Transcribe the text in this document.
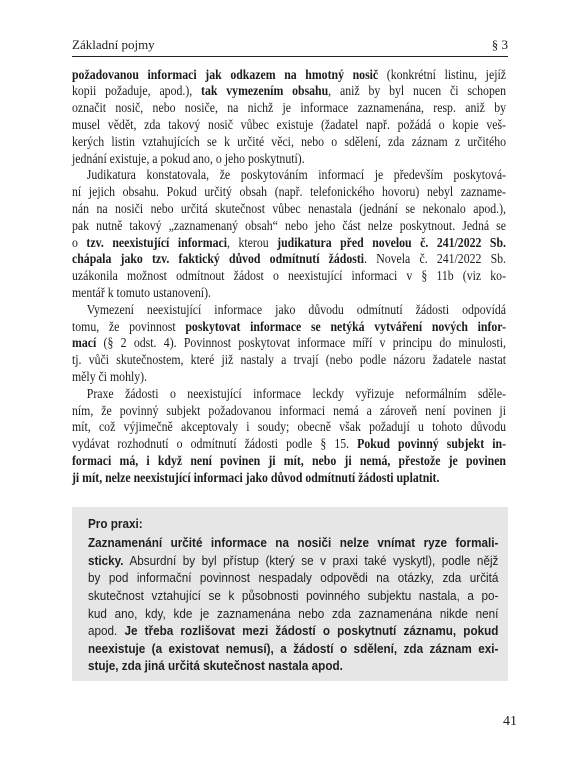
Základní pojmy	§ 3
požadovanou informaci jak odkazem na hmotný nosič (konkrétní listinu, jejíž
kopii požaduje, apod.), tak vymezením obsahu, aniž by byl nucen či schopen
označit nosič, nebo nosiče, na nichž je informace zaznamenána, resp. aniž by
musel vědět, zda takový nosič vůbec existuje (žadatel např. požádá o kopie veš-
kerých listin vztahujících se k určité věci, nebo o sdělení, zda záznam z určitého
jednání existuje, a pokud ano, o jeho poskytnutí).
Judikatura konstatovala, že poskytováním informací je především poskytová-
ní jejich obsahu. Pokud určitý obsah (např. telefonického hovoru) nebyl zazname-
nán na nosiči nebo určitá skutečnost vůbec nenastala (jednání se nekonalo apod.),
pak nutně takový „zaznamenaný obsah“ nebo jeho část nelze poskytnout. Jedná se
o tzv. neexistující informaci, kterou judikatura před novelou č. 241/2022 Sb.
chápala jako tzv. faktický důvod odmítnutí žádosti. Novela č. 241/2022 Sb.
uzákonila možnost odmítnout žádost o neexistující informaci v § 11b (viz ko-
mentář k tomuto ustanovení).
Vymezení neexistující informace jako důvodu odmítnutí žádosti odpovídá
tomu, že povinnost poskytovat informace se netýká vytváření nových infor-
mací (§ 2 odst. 4). Povinnost poskytovat informace míří v principu do minulosti,
tj. vůči skutečnostem, které již nastaly a trvají (nebo podle názoru žadatele nastat
měly či mohly).
Praxe žádosti o neexistující informace leckdy vyřizuje neformálním sděle-
ním, že povinný subjekt požadovanou informaci nemá a zároveň není povinen ji
mít, což výjimečně akceptovaly i soudy; obecně však požadují u tohoto důvodu
vydávat rozhodnutí o odmítnutí žádosti podle § 15. Pokud povinný subjekt in-
formaci má, i když není povinen ji mít, nebo ji nemá, přestože je povinen
ji mít, nelze neexistující informaci jako důvod odmítnutí žádosti uplatnit.
Pro praxi:
Zaznamenání určité informace na nosiči nelze vnímat ryze formali-
sticky. Absurdní by byl přístup (který se v praxi také vyskytl), podle nějž
by pod informační povinnost nespadaly odpovědi na otázky, zda určitá
skutečnost vztahující se k působnosti povinného subjektu nastala, a po-
kud ano, kdy, kde je zaznamenána nebo zda zaznamenána nikde není
apod. Je třeba rozlišovat mezi žádostí o poskytnutí záznamu, pokud
neexistuje (a existovat nemusí), a žádostí o sdělení, zda záznam exi-
stuje, zda jiná určitá skutečnost nastala apod.
41
